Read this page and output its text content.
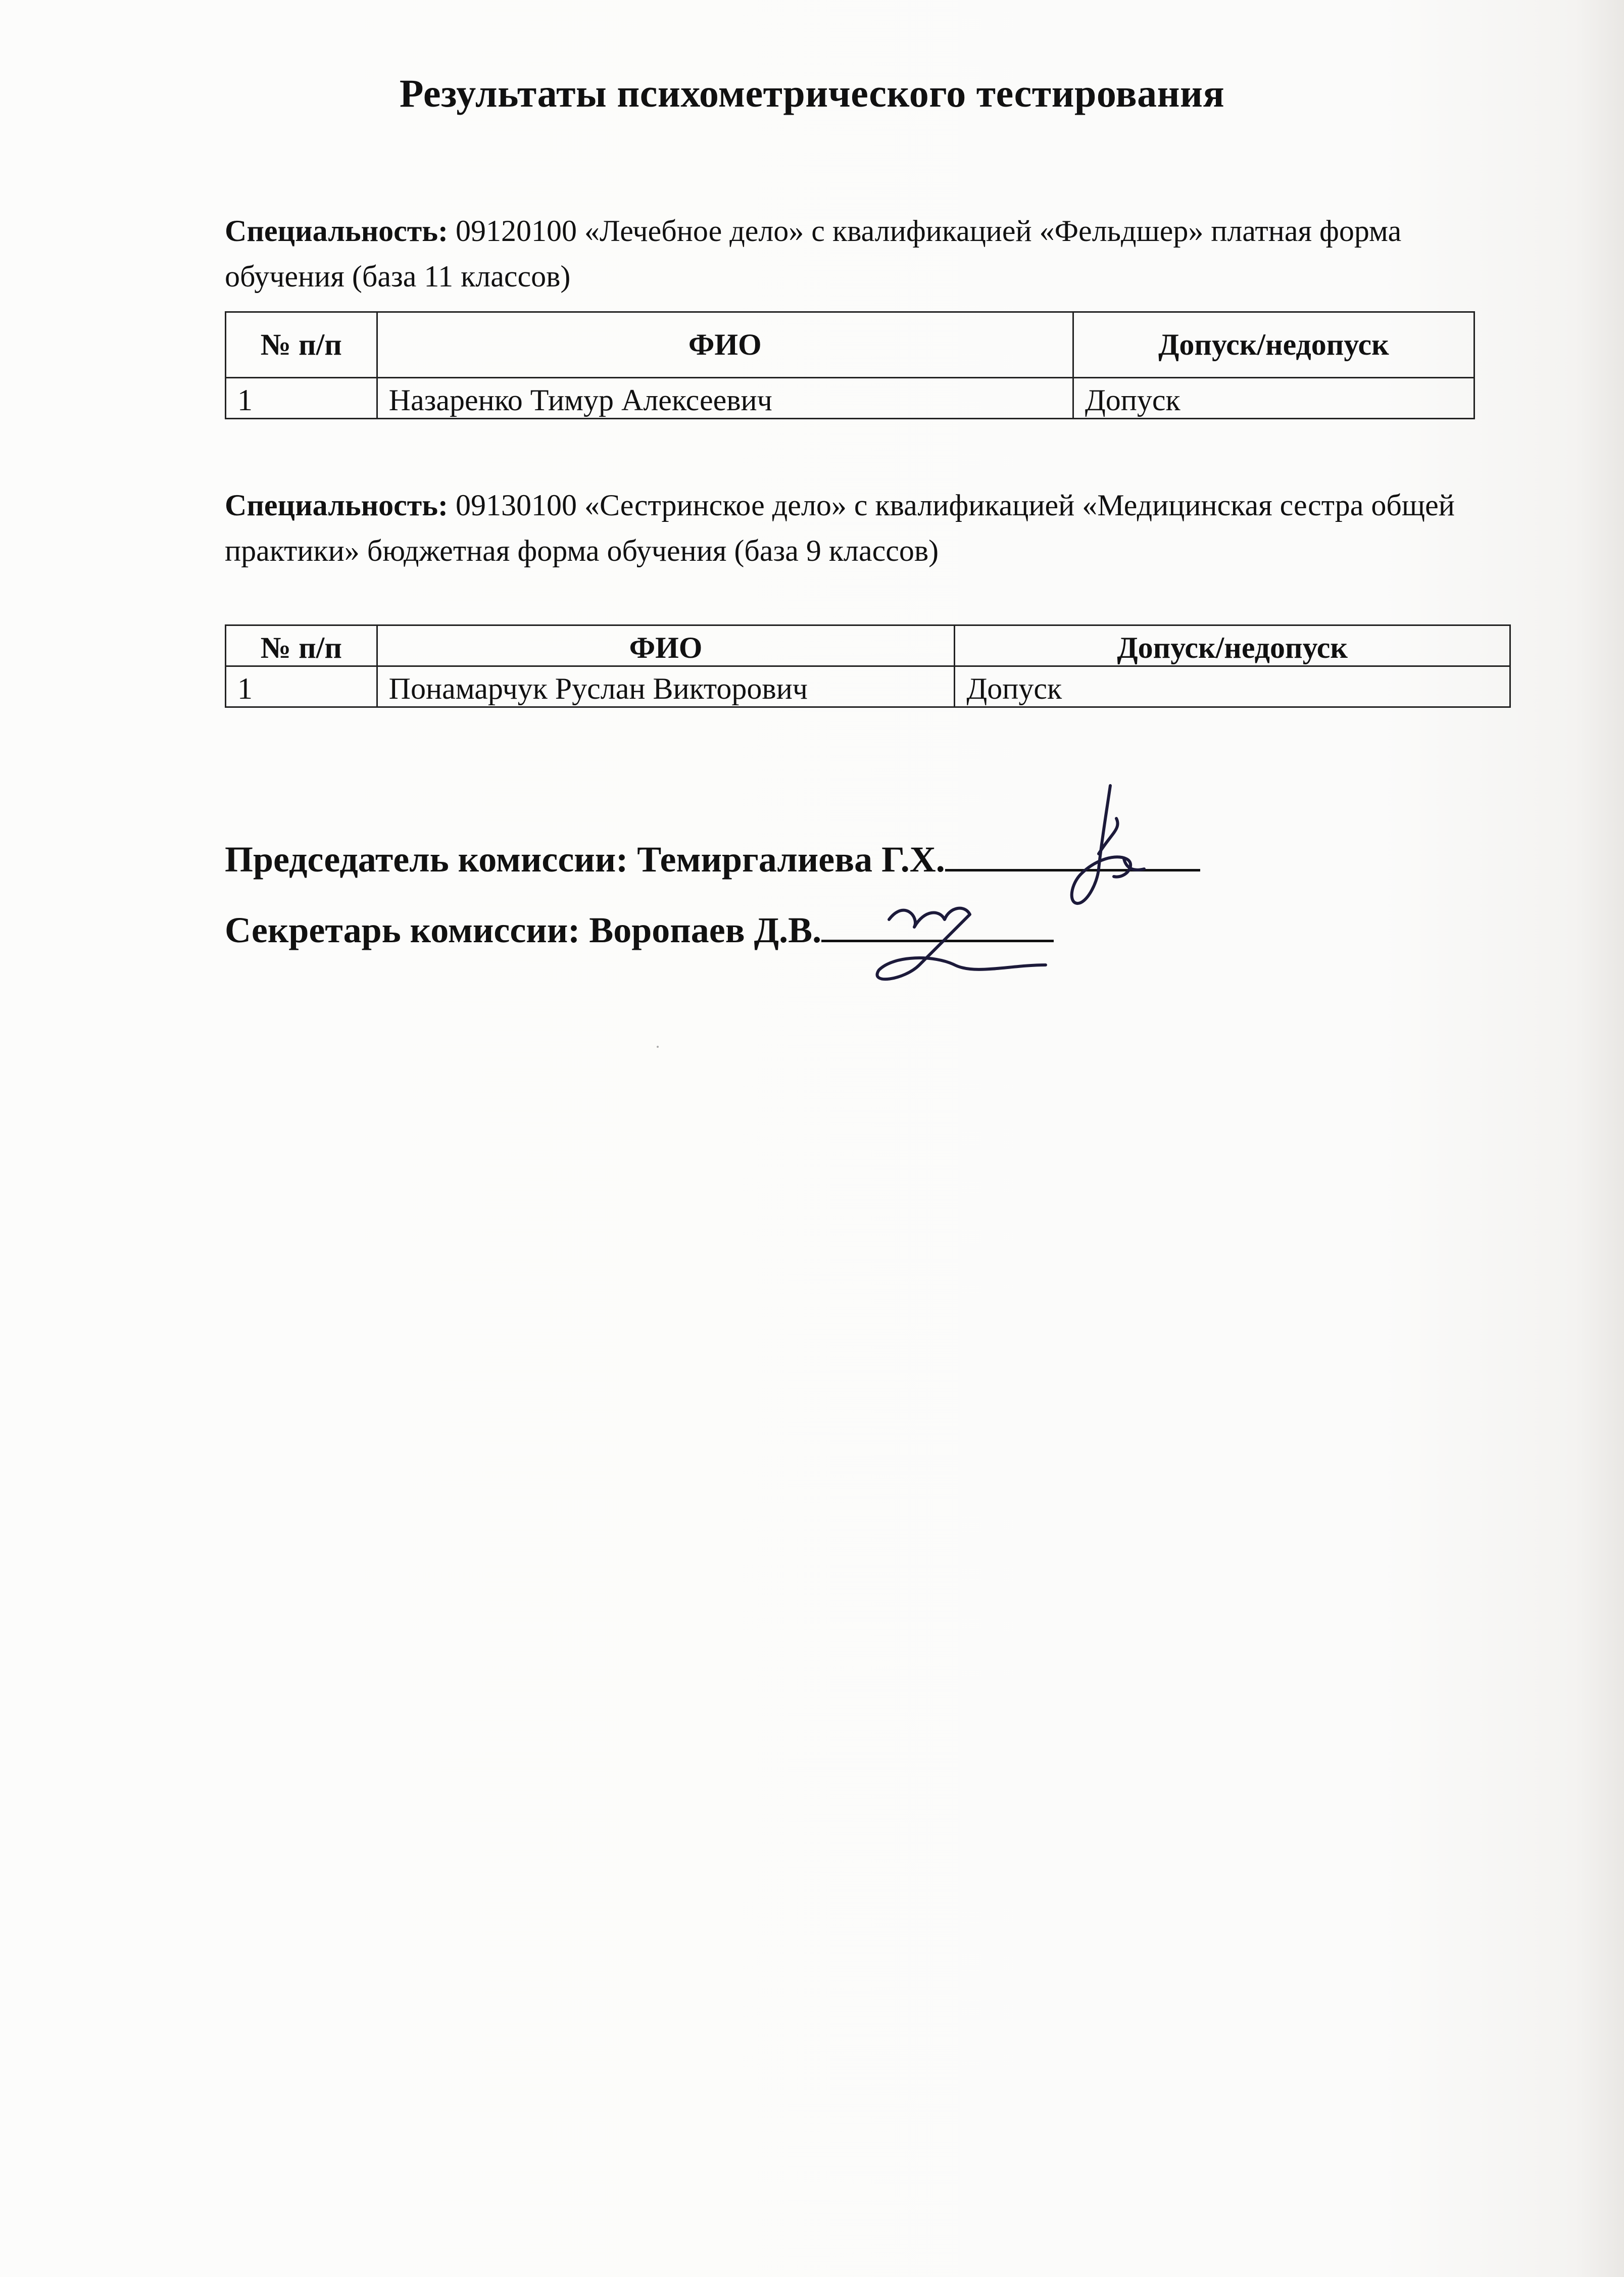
Результаты психометрического тестирования
Специальность: 09120100 «Лечебное дело» с квалификацией «Фельдшер» платная форма обучения (база 11 классов)
№ п/п	ФИО	Допуск/недопуск
1	Назаренко Тимур Алексеевич	Допуск
Специальность: 09130100 «Сестринское дело» с квалификацией «Медицинская сестра общей практики» бюджетная форма обучения (база 9 классов)
№ п/п	ФИО	Допуск/недопуск
1	Понамарчук Руслан Викторович	Допуск
Председатель комиссии: Темиргалиева Г.Х.
Секретарь комиссии: Воропаев Д.В.
